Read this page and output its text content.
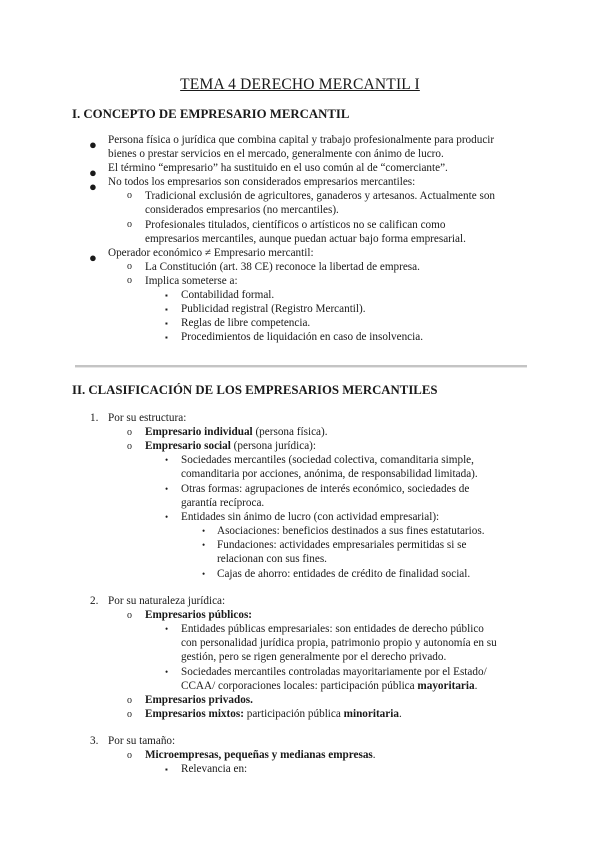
TEMA 4 DERECHO MERCANTIL I
I. CONCEPTO DE EMPRESARIO MERCANTIL
● Persona física o jurídica que combina capital y trabajo profesionalmente para producir
bienes o prestar servicios en el mercado, generalmente con ánimo de lucro.
● El término “empresario” ha sustituido en el uso común al de “comerciante”.
● No todos los empresarios son considerados empresarios mercantiles:
o Tradicional exclusión de agricultores, ganaderos y artesanos. Actualmente son
considerados empresarios (no mercantiles).
o Profesionales titulados, científicos o artísticos no se califican como
empresarios mercantiles, aunque puedan actuar bajo forma empresarial.
● Operador económico ≠ Empresario mercantil:
o La Constitución (art. 38 CE) reconoce la libertad de empresa.
o Implica someterse a:
▪ Contabilidad formal.
▪ Publicidad registral (Registro Mercantil).
▪ Reglas de libre competencia.
▪ Procedimientos de liquidación en caso de insolvencia.
II. CLASIFICACIÓN DE LOS EMPRESARIOS MERCANTILES
1. Por su estructura:
o Empresario individual (persona física).
o Empresario social (persona jurídica):
• Sociedades mercantiles (sociedad colectiva, comanditaria simple,
comanditaria por acciones, anónima, de responsabilidad limitada).
• Otras formas: agrupaciones de interés económico, sociedades de
garantía recíproca.
• Entidades sin ánimo de lucro (con actividad empresarial):
• Asociaciones: beneficios destinados a sus fines estatutarios.
• Fundaciones: actividades empresariales permitidas si se
relacionan con sus fines.
• Cajas de ahorro: entidades de crédito de finalidad social.
2. Por su naturaleza jurídica:
o Empresarios públicos:
• Entidades públicas empresariales: son entidades de derecho público
con personalidad jurídica propia, patrimonio propio y autonomía en su
gestión, pero se rigen generalmente por el derecho privado.
• Sociedades mercantiles controladas mayoritariamente por el Estado/
CCAA/ corporaciones locales: participación pública mayoritaria.
o Empresarios privados.
o Empresarios mixtos: participación pública minoritaria.
3. Por su tamaño:
o Microempresas, pequeñas y medianas empresas.
▪ Relevancia en:
